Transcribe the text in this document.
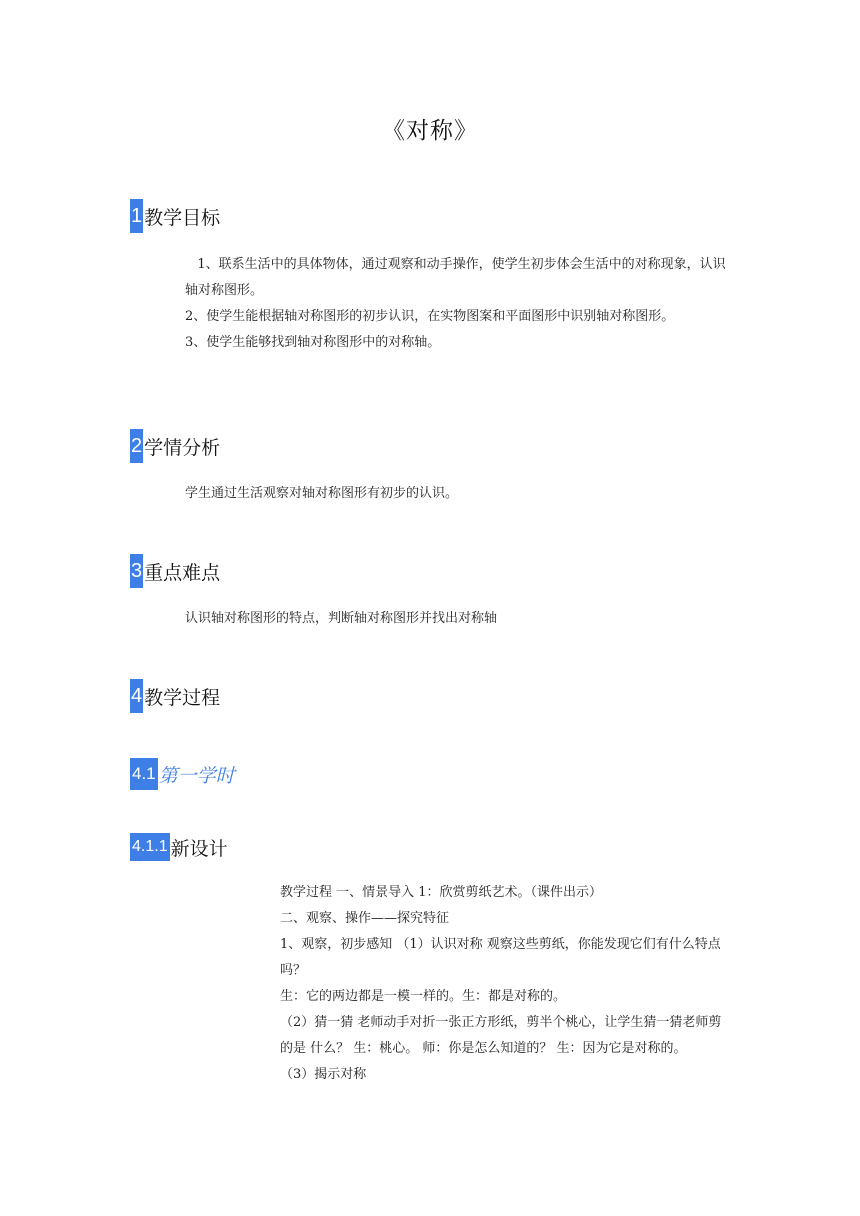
《对称》
1 教学目标

1、联系生活中的具体物体，通过观察和动手操作，使学生初步体会生活中的对称现象，认识轴对称图形。

2、使学生能根据轴对称图形的初步认识，在实物图案和平面图形中识别轴对称图形。

3、使学生能够找到轴对称图形中的对称轴。

2 学情分析

学生通过生活观察对轴对称图形有初步的认识。

3 重点难点

认识轴对称图形的特点，判断轴对称图形并找出对称轴

4 教学过程
4.1 第一学时
4.1.1 新设计

教学过程 一、情景导入 1：欣赏剪纸艺术。（课件出示）

二、观察、操作——探究特征

1、观察，初步感知 （1）认识对称 观察这些剪纸，你能发现它们有什么特点吗？

生：它的两边都是一模一样的。生：都是对称的。

（2）猜一猜 老师动手对折一张正方形纸，剪半个桃心，让学生猜一猜老师剪的是 什么？ 生：桃心。 师：你是怎么知道的？ 生：因为它是对称的。

（3）揭示对称
